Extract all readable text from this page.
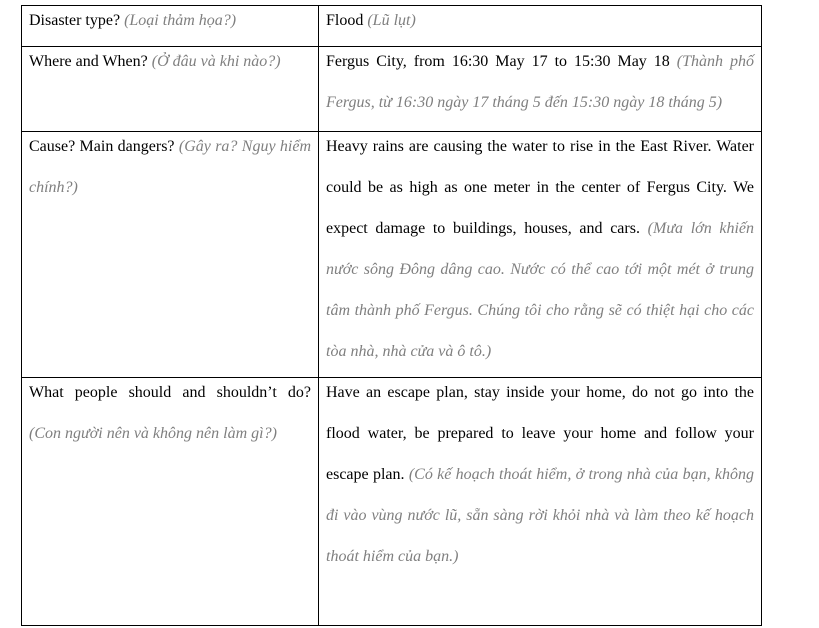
Disaster type? (Loại thảm họa?)	Flood (Lũ lụt)

Where and When? (Ở đâu và khi nào?)	Fergus City, from 16:30 May 17 to 15:30 May 18 (Thành phố Fergus, từ 16:30 ngày 17 tháng 5 đến 15:30 ngày 18 tháng 5)

Cause? Main dangers? (Gây ra? Nguy hiểm chính?)	Heavy rains are causing the water to rise in the East River. Water could be as high as one meter in the center of Fergus City. We expect damage to buildings, houses, and cars. (Mưa lớn khiến nước sông Đông dâng cao. Nước có thể cao tới một mét ở trung tâm thành phố Fergus. Chúng tôi cho rằng sẽ có thiệt hại cho các tòa nhà, nhà cửa và ô tô.)

What people should and shouldn’t do? (Con người nên và không nên làm gì?)	Have an escape plan, stay inside your home, do not go into the flood water, be prepared to leave your home and follow your escape plan. (Có kế hoạch thoát hiểm, ở trong nhà của bạn, không đi vào vùng nước lũ, sẵn sàng rời khỏi nhà và làm theo kế hoạch thoát hiểm của bạn.)
